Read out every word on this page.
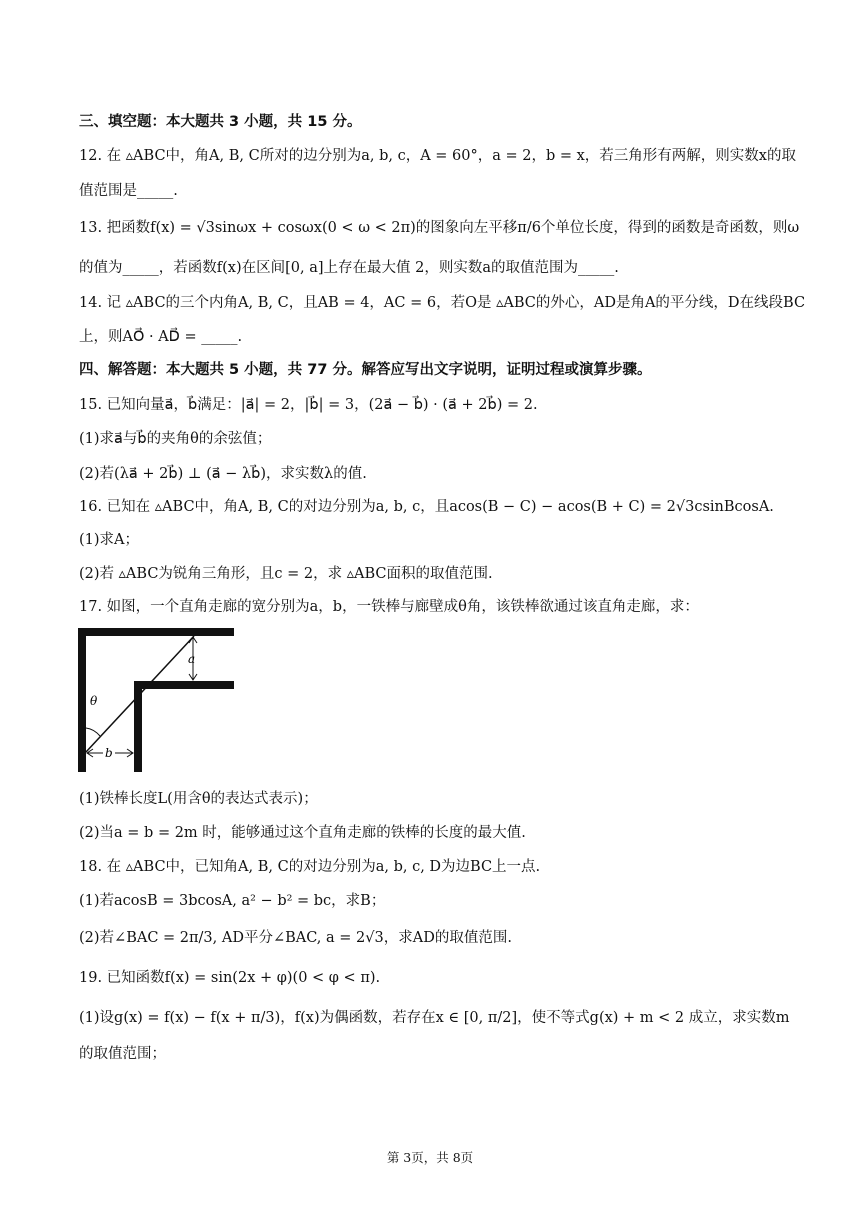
三、填空题：本大题共 3 小题，共 15 分。
12. 在 ▵ABC中，角A, B, C所对的边分别为a, b, c，A = 60°，a = 2，b = x，若三角形有两解，则实数x的取
值范围是_____.
13. 把函数f(x) = √3sinωx + cosωx(0 < ω < 2π)的图象向左平移π/6个单位长度，得到的函数是奇函数，则ω
的值为_____，若函数f(x)在区间[0, a]上存在最大值 2，则实数a的取值范围为_____.
14. 记 ▵ABC的三个内角A, B, C，且AB = 4，AC = 6，若O是 ▵ABC的外心，AD是角A的平分线，D在线段BC
上，则AO⃗ · AD⃗ = _____.
四、解答题：本大题共 5 小题，共 77 分。解答应写出文字说明，证明过程或演算步骤。
15. 已知向量a⃗，b⃗满足：|a⃗| = 2，|b⃗| = 3，(2a⃗ − b⃗) · (a⃗ + 2b⃗) = 2.
(1)求a⃗与b⃗的夹角θ的余弦值；
(2)若(λa⃗ + 2b⃗) ⊥ (a⃗ − λb⃗)，求实数λ的值.
16. 已知在 ▵ABC中，角A, B, C的对边分别为a, b, c，且acos(B − C) − acos(B + C) = 2√3csinBcosA.
(1)求A；
(2)若 ▵ABC为锐角三角形，且c = 2，求 ▵ABC面积的取值范围.
17. 如图，一个直角走廊的宽分别为a，b，一铁棒与廊壁成θ角，该铁棒欲通过该直角走廊，求：
θ
a
b
(1)铁棒长度L(用含θ的表达式表示)；
(2)当a = b = 2m 时，能够通过这个直角走廊的铁棒的长度的最大值.
18. 在 ▵ABC中，已知角A, B, C的对边分别为a, b, c, D为边BC上一点.
(1)若acosB = 3bcosA, a² − b² = bc，求B；
(2)若∠BAC = 2π/3, AD平分∠BAC, a = 2√3，求AD的取值范围.
19. 已知函数f(x) = sin(2x + φ)(0 < φ < π).
(1)设g(x) = f(x) − f(x + π/3)，f(x)为偶函数，若存在x ∈ [0, π/2]，使不等式g(x) + m < 2 成立，求实数m
的取值范围；
第 3页，共 8页
